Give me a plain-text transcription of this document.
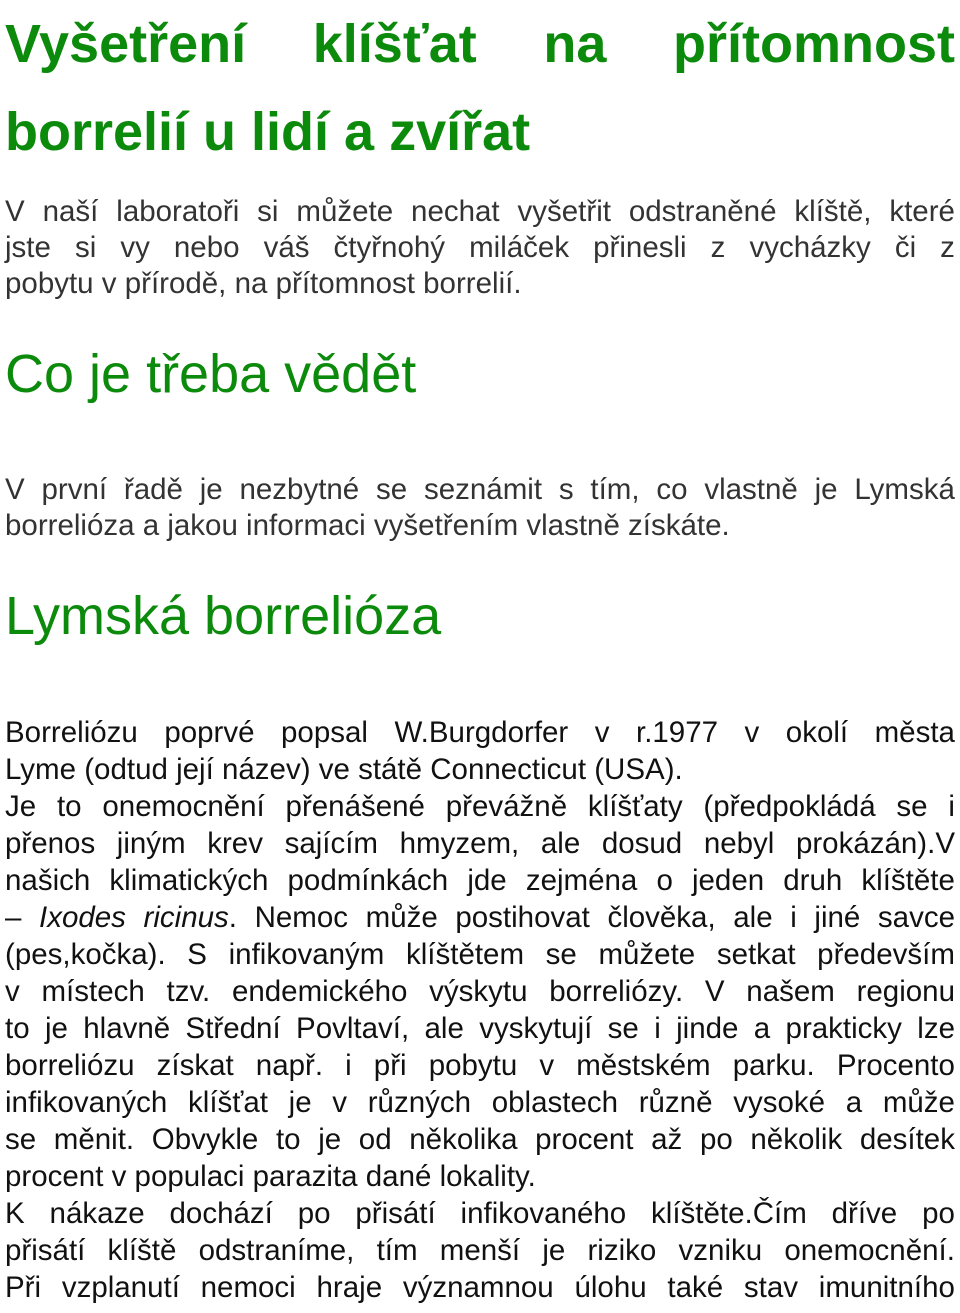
Vyšetření klíšťat na přítomnost borrelií u lidí a zvířat
V naší laboratoři si můžete nechat vyšetřit odstraněné klíště, které
jste si vy nebo váš čtyřnohý miláček přinesli z vycházky či z
pobytu v přírodě, na přítomnost borrelií.
Co je třeba vědět
V první řadě je nezbytné se seznámit s tím, co vlastně je Lymská
borrelióza a jakou informaci vyšetřením vlastně získáte.
Lymská borrelióza
Borreliózu poprvé popsal W.Burgdorfer v r.1977 v okolí města
Lyme (odtud její název) ve státě Connecticut (USA).
Je to onemocnění přenášené převážně klíšťaty (předpokládá se i
přenos jiným krev sajícím hmyzem, ale dosud nebyl prokázán).V
našich klimatických podmínkách jde zejména o jeden druh klíštěte
– Ixodes ricinus. Nemoc může postihovat člověka, ale i jiné savce
(pes,kočka). S infikovaným klíštětem se můžete setkat především
v místech tzv. endemického výskytu borreliózy. V našem regionu
to je hlavně Střední Povltaví, ale vyskytují se i jinde a prakticky lze
borreliózu získat např. i při pobytu v městském parku. Procento
infikovaných klíšťat je v různých oblastech různě vysoké a může
se měnit. Obvykle to je od několika procent až po několik desítek
procent v populaci parazita dané lokality.
K nákaze dochází po přisátí infikovaného klíštěte.Čím dříve po
přisátí klíště odstraníme, tím menší je riziko vzniku onemocnění.
Při vzplanutí nemoci hraje významnou úlohu také stav imunitního
